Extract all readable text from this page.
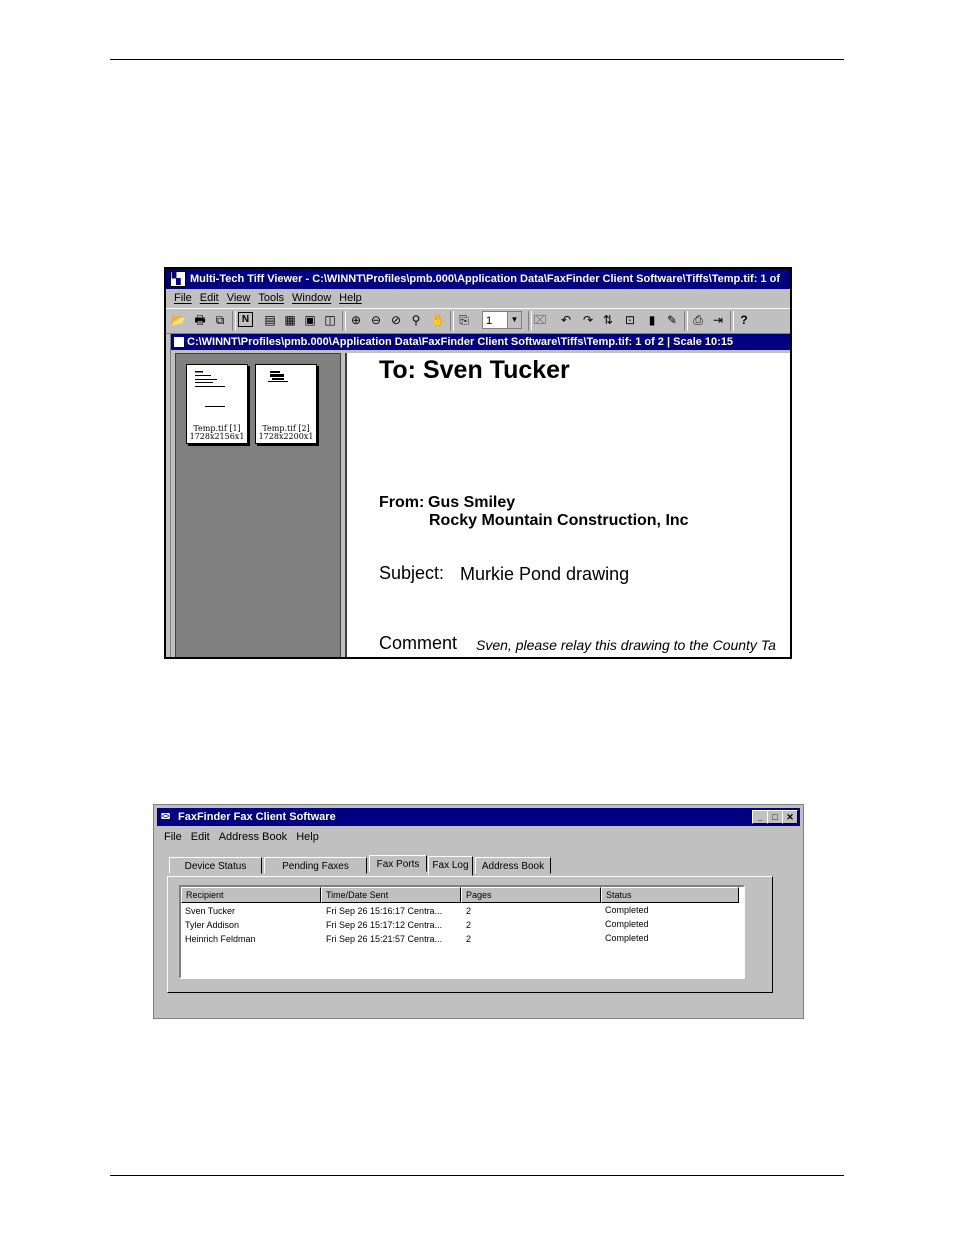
▚Multi-Tech Tiff Viewer - C:\WINNT\Profiles\pmb.000\Application Data\FaxFinder Client Software\Tiffs\Temp.tif: 1 of
File Edit View Tools Window Help
📂 🖶 ⧉	N	▤ ▦ ▣ ◫ ⊕ ⊖ ⊘ ⚲ ✋ ⎘	1	▼ ⌧ ↶ ↷ ⇅ ⊡	▮ ✎ ⎙ ⇥	?
C:\WINNT\Profiles\pmb.000\Application Data\FaxFinder Client Software\Tiffs\Temp.tif: 1 of 2 | Scale 10:15
Temp.tif [1]
1728x2156x1
Temp.tif [2]
1728x2200x1
To: Sven Tucker
From: Gus Smiley
Rocky Mountain Construction, Inc
Subject: Murkie Pond drawing
Comment Sven, please relay this drawing to the County Ta
✉ FaxFinder Fax Client Software	_	□ ✕
File Edit Address Book Help
Device Status	Pending Faxes	Fax Ports	Fax Log	Address Book
Recipient	Time/Date Sent	Pages	Status
Sven Tucker	Fri Sep 26 15:16:17 Centra...	2	Completed
Tyler Addison	Fri Sep 26 15:17:12 Centra...	2	Completed
Heinrich Feldman	Fri Sep 26 15:21:57 Centra...	2	Completed
